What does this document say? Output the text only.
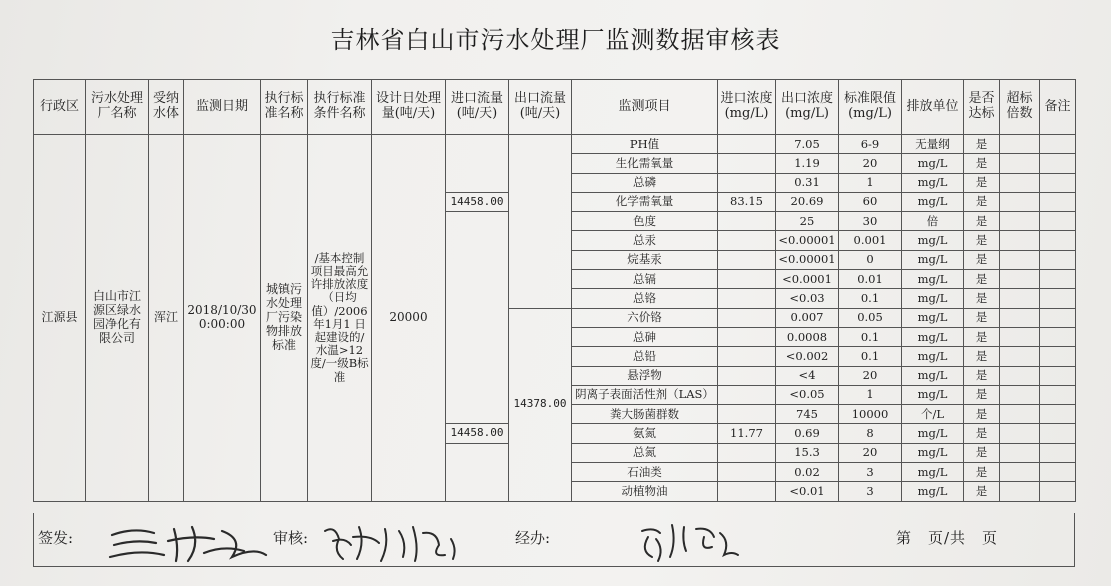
吉林省白山市污水处理厂监测数据审核表
行政区	污水处理厂名称	受纳水体	监测日期	执行标准名称	执行标准条件名称	设计日处理量(吨/天)	进口流量(吨/天)	出口流量(吨/天)	监测项目	进口浓度(mg/L)	出口浓度(mg/L)	标准限值(mg/L)	排放单位	是否达标	超标倍数	备注
江源县	白山市江源区绿水园净化有限公司	浑江	2018/10/30 0:00:00	城镇污水处理厂污染物排放标准	/基本控制项目最高允许排放浓度（日均值）/2006 年1月1 日起建设的/水温>12度/一级B标准	20000			PH值		7.05	6-9	无量纲	是		
									生化需氧量		1.19	20	mg/L	是		
									总磷		0.31	1	mg/L	是		
							14458.00		化学需氧量	83.15	20.69	60	mg/L	是		
									色度		25	30	倍	是		
									总汞		<0.00001	0.001	mg/L	是		
									烷基汞		<0.00001	0	mg/L	是		
									总镉		<0.0001	0.01	mg/L	是		
									总铬		<0.03	0.1	mg/L	是		
								14378.00	六价铬		0.007	0.05	mg/L	是		
									总砷		0.0008	0.1	mg/L	是		
									总铅		<0.002	0.1	mg/L	是		
									悬浮物		<4	20	mg/L	是		
									阴离子表面活性剂（LAS）		<0.05	1	mg/L	是		
									粪大肠菌群数		745	10000	个/L	是		
							14458.00		氨氮	11.77	0.69	8	mg/L	是		
									总氮		15.3	20	mg/L	是		
									石油类		0.02	3	mg/L	是		
									动植物油		<0.01	3	mg/L	是		
签发:	审核:	经办:	第　页/共　页
